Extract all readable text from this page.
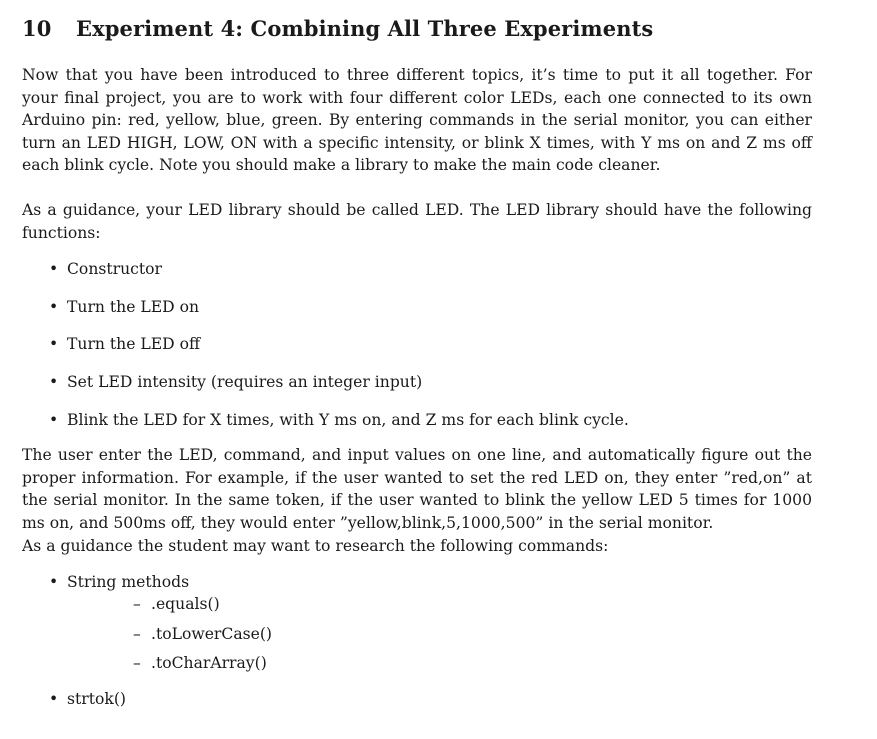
10 Experiment 4: Combining All Three Experiments

Now that you have been introduced to three different topics, it’s time to put it all together. For your final project, you are to work with four different color LEDs, each one connected to its own Arduino pin: red, yellow, blue, green. By entering commands in the serial monitor, you can either turn an LED HIGH, LOW, ON with a specific intensity, or blink X times, with Y ms on and Z ms off each blink cycle. Note you should make a library to make the main code cleaner.

As a guidance, your LED library should be called LED. The LED library should have the following functions:

• Constructor
• Turn the LED on
• Turn the LED off
• Set LED intensity (requires an integer input)
• Blink the LED for X times, with Y ms on, and Z ms for each blink cycle.

The user enter the LED, command, and input values on one line, and automatically figure out the proper information. For example, if the user wanted to set the red LED on, they enter ”red,on” at the serial monitor. In the same token, if the user wanted to blink the yellow LED 5 times for 1000 ms on, and 500ms off, they would enter ”yellow,blink,5,1000,500” in the serial monitor.
As a guidance the student may want to research the following commands:

• String methods
– .equals()
– .toLowerCase()
– .toCharArray()
• strtok()
